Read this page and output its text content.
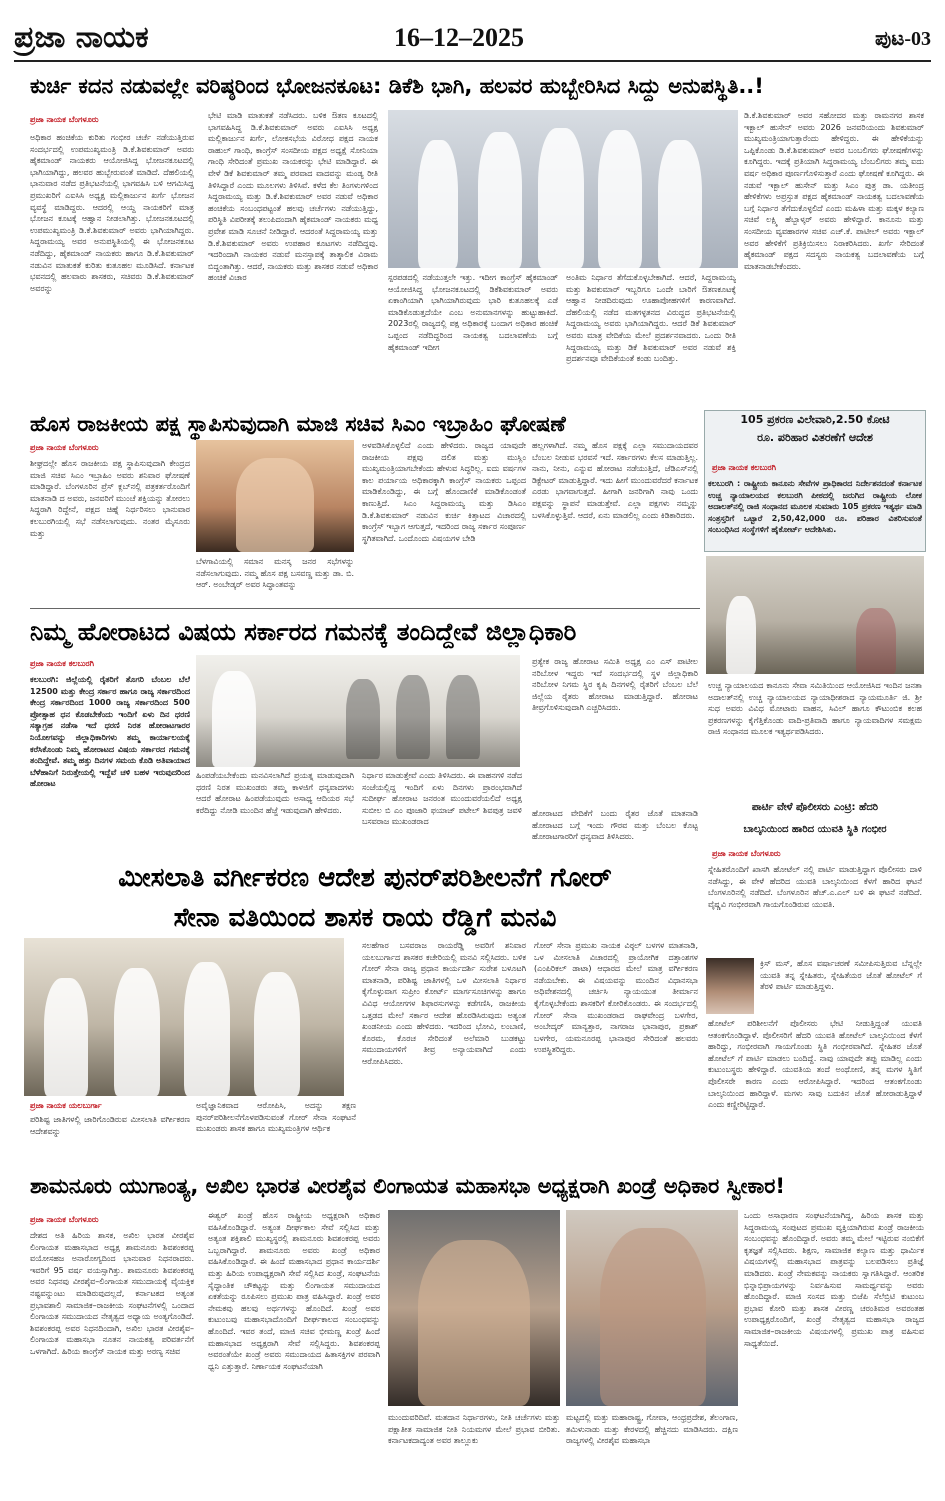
ಪ್ರಜಾ ನಾಯಕ	16–12–2025	ಪುಟ-03
ಕುರ್ಚಿ ಕದನ ನಡುವಲ್ಲೇ ವರಿಷ್ಠರಿಂದ ಭೋಜನಕೂಟ: ಡಿಕೆಶಿ ಭಾಗಿ, ಹಲವರ ಹುಬ್ಬೇರಿಸಿದ ಸಿದ್ದು ಅನುಪಸ್ಥಿತಿ..!
ಪ್ರಜಾ ನಾಯಕ ಬೆಂಗಳೂರು
ಅಧಿಕಾರ ಹಂಚಿಕೆಯ ಕುರಿತು ಗಂಭೀರ ಚರ್ಚೆ ನಡೆಯುತ್ತಿರುವ ಸಂದರ್ಭದಲ್ಲಿ ಉಪಮುಖ್ಯಮಂತ್ರಿ ಡಿ.ಕೆ.ಶಿವಕುಮಾರ್ ಅವರು ಹೈಕಮಾಂಡ್ ನಾಯಕರು ಆಯೋಜಿಸಿದ್ದ ಭೋಜನಕೂಟದಲ್ಲಿ ಭಾಗಿಯಾಗಿದ್ದು, ಹಲವರ ಹುಬ್ಬೇರುವಂತೆ ಮಾಡಿದೆ. ದೆಹಲಿಯಲ್ಲಿ ಭಾನುವಾರ ನಡೆದ ಪ್ರತಿಭಟನೆಯಲ್ಲಿ ಭಾಗವಹಿಸಿ ಬಳಿ ಆಗಮಿಸಿದ್ದ ಪ್ರಮುಖರಿಗೆ ಎಐಸಿಸಿ ಅಧ್ಯಕ್ಷ ಮಲ್ಲಿಕಾರ್ಜುನ ಖರ್ಗೆ ಭೋಜನ ವ್ಯವಸ್ಥೆ ಮಾಡಿದ್ದರು. ಆದರಲ್ಲಿ ಆಯ್ದ ನಾಯಕರಿಗೆ ಮಾತ್ರ ಭೋಜನ ಕೂಟಕ್ಕೆ ಆಹ್ವಾನ ನೀಡಲಾಗಿತ್ತು. ಭೋಜನಕೂಟದಲ್ಲಿ ಉಪಮುಖ್ಯಮಂತ್ರಿ ಡಿ.ಕೆ.ಶಿವಕುಮಾರ್ ಅವರು ಭಾಗಿಯಾಗಿದ್ದರು. ಸಿದ್ದರಾಮಯ್ಯ ಅವರ ಅನುಪಸ್ಥಿತಿಯಲ್ಲಿ ಈ ಭೋಜನಕೂಟ ನಡೆದಿದ್ದು, ಹೈಕಮಾಂಡ್ ನಾಯಕರು ಹಾಗೂ ಡಿ.ಕೆ.ಶಿವಕುಮಾರ್ ನಡುವಿನ ಮಾತುಕತೆ ಕುರಿತು ಕುತೂಹಲ ಮೂಡಿಸಿದೆ. ಕರ್ನಾಟಕ ಭವನದಲ್ಲಿ ಹಲವಾರು ಶಾಸಕರು, ಸಚಿವರು ಡಿ.ಕೆ.ಶಿವಕುಮಾರ್ ಅವರನ್ನು
ಭೇಟಿ ಮಾಡಿ ಮಾತುಕತೆ ನಡೆಸಿದರು. ಬಳಿಕ ಔತಣ ಕೂಟದಲ್ಲಿ ಭಾಗವಹಿಸಿದ್ದ ಡಿ.ಕೆ.ಶಿವಕುಮಾರ್ ಅವರು ಎಐಸಿಸಿ ಅಧ್ಯಕ್ಷ ಮಲ್ಲಿಕಾರ್ಜುನ ಖರ್ಗೆ, ಲೋಕಸಭೆಯ ವಿರೋಧ ಪಕ್ಷದ ನಾಯಕ ರಾಹುಲ್ ಗಾಂಧಿ, ಕಾಂಗ್ರೆಸ್ ಸಂಸದೀಯ ಪಕ್ಷದ ಅಧ್ಯಕ್ಷೆ ಸೋನಿಯಾ ಗಾಂಧಿ ಸೇರಿದಂತೆ ಪ್ರಮುಖ ನಾಯಕರನ್ನು ಭೇಟಿ ಮಾಡಿದ್ದಾರೆ. ಈ ವೇಳೆ ಡಿಕೆ ಶಿವಕುಮಾರ್ ತಮ್ಮ ಪರವಾದ ವಾದವನ್ನು ಮಂಡ್ಯ ರೀತಿ ತಿಳಿಸಿದ್ದಾರೆ ಎಂದು ಮೂಲಗಳು ತಿಳಿಸಿವೆ. ಕಳೆದ ಕೆಲ ತಿಂಗಳುಗಳಿಂದ ಸಿದ್ದರಾಮಯ್ಯ ಮತ್ತು ಡಿ.ಕೆ.ಶಿವಕುಮಾರ್ ಅವರ ನಡುವೆ ಅಧಿಕಾರ ಹಂಚಿಕೆಯ ಸಂಬಂಧಪಟ್ಟಂತೆ ಹಲವು ಚರ್ಚೆಗಳು ನಡೆಯುತ್ತಿದ್ದು, ಪರಿಸ್ಥಿತಿ ವಿಪರೀತಕ್ಕೆ ತಲುಪಿದಂದಾಗಿ ಹೈಕಮಾಂಡ್ ನಾಯಕರು ಮಧ್ಯ ಪ್ರವೇಶ ಮಾಡಿ ಸೂಚನೆ ನೀಡಿದ್ದಾರೆ. ಆದರಂತೆ ಸಿದ್ದರಾಮಯ್ಯ ಮತ್ತು ಡಿ.ಕೆ.ಶಿವಕುಮಾರ್ ಅವರು ಉಪಹಾರ ಕೂಟಗಳು ನಡೆದಿದ್ದವು. ಇದರಿಂದಾಗಿ ನಾಯಕರ ನಡುವೆ ಮನಸ್ತಾಪಕ್ಕೆ ತಾತ್ಕಾಲಿಕ ವಿರಾಮ ಬಿದ್ದಂತಾಗಿತ್ತು. ಆದರೆ, ನಾಯಕರು ಮತ್ತು ಶಾಸಕರ ನಡುವೆ ಅಧಿಕಾರ ಹಂಚಿಕೆ ವಿಚಾರ	ಸ್ಪರಪಡದಲ್ಲಿ ನಡೆಯುತ್ತಲೇ ಇತ್ತು. ಇದೀಗ ಕಾಂಗ್ರೆಸ್ ಹೈಕಮಾಂಡ್ ಆಯೋಜಿಸಿದ್ದ ಭೋಜನಕೂಟದಲ್ಲಿ ಡಿಕೆಶಿವಕುಮಾರ್ ಅವರು ಏಕಾಂಗಿಯಾಗಿ ಭಾಗಿಯಾಗಿರುವುದು ಭಾರಿ ಕುತೂಹಲಕ್ಕೆ ಎಡೆ ಮಾಡಿಕೊಡುತ್ತದೆಯೇ ಎಂಬ ಅನುಮಾನಗಳನ್ನು ಹುಟ್ಟುಹಾಕಿದೆ. 2023ರಲ್ಲಿ ರಾಜ್ಯದಲ್ಲಿ ಪಕ್ಷ ಅಧಿಕಾರಕ್ಕೆ ಬಂದಾಗ ಅಧಿಕಾರ ಹಂಚಿಕೆ ಒಪ್ಪಂದ ನಡೆದಿದ್ದರಿಂದ ನಾಯಕತ್ವ ಬದಲಾವಣೆಯ ಬಗ್ಗೆ ಹೈಕಮಾಂಡ್ ಇದೀಗ
ಅಂತಿಮ ನಿರ್ಧಾರ ತೆಗೆದುಕೊಳ್ಳಬೇಕಾಗಿದೆ. ಆದರೆ, ಸಿದ್ದರಾಮಯ್ಯ ಮತ್ತು ಶಿವಕುಮಾರ್ ಇಬ್ಬರಿಗೂ ಒಂದೇ ಬಾರಿಗೆ ಔತಣಕೂಟಕ್ಕೆ ಆಹ್ವಾನ ನೀಡದಿರುವುದು ಊಹಾಪೋಹಗಳಿಗೆ ಕಾರಣವಾಗಿದೆ. ದೆಹಲಿಯಲ್ಲಿ ನಡೆದ ಮತಗಳ್ಳತನದ ವಿರುದ್ಧದ ಪ್ರತಿಭಟನೆಯಲ್ಲಿ ಸಿದ್ದರಾಮಯ್ಯ ಅವರು ಭಾಗಿಯಾಗಿದ್ದರು. ಆದರೆ ಡಿಕೆ ಶಿವಕುಮಾರ್ ಅವರು ಮಾತ್ರ ವೇದಿಕೆಯ ಮೇಲೆ ಪ್ರದರ್ಶನವಾದರು. ಒಂದು ರೀತಿ ಸಿದ್ದರಾಮಯ್ಯ ಮತ್ತು ಡಿಕೆ ಶಿವಕುಮಾರ್ ಅವರ ನಡುವೆ ಶಕ್ತಿ ಪ್ರದರ್ಶನವೂ ವೇದಿಕೆಯಂತೆ ಕಂಡು ಬಂದಿತ್ತು.
ಡಿ.ಕೆ.ಶಿವಕುಮಾರ್ ಅವರ ಸಹೋದರ ಮತ್ತು ರಾಮನಗರ ಶಾಸಕ ಇಕ್ಬಾಲ್ ಹುಸೇನ್ ಅವರು 2026 ಜನವರಿಯಂದು ಶಿವಕುಮಾರ್ ಮುಖ್ಯಮಂತ್ರಿಯಾಗುತ್ತಾರೆಂದು ಹೇಳಿದ್ದರು. ಈ ಹೇಳಿಕೆಯನ್ನು ಒಪ್ಪಿಕೊಂಡು ಡಿ.ಕೆ.ಶಿವಕುಮಾರ್ ಅವರ ಬಂಬಲಿಗರು ಘೋಷಣೆಗಳನ್ನು ಕೂಗಿದ್ದರು. ಇದಕ್ಕೆ ಪ್ರತಿಯಾಗಿ ಸಿದ್ದರಾಮಯ್ಯ ಬೆಂಬಲಿಗರು ತಮ್ಮ ಐದು ವರ್ಷ ಅಧಿಕಾರ ಪೂರ್ಣಗೊಳಿಸುತ್ತಾರೆ ಎಂದು ಘೋಷಣೆ ಕೂಗಿದ್ದರು. ಈ ನಡುವೆ ಇಕ್ಬಾಲ್ ಹುಸೇನ್ ಮತ್ತು ಸಿಎಂ ಪುತ್ರ ಡಾ. ಯತೀಂದ್ರ ಹೇಳಿಕೆಗಳು ಅಪ್ರಸ್ತುತ ಪಕ್ಷದ ಹೈಕಮಾಂಡ್ ನಾಯಕತ್ವ ಬದಲಾವಣೆಯ ಬಗ್ಗೆ ನಿರ್ಧಾರ ತೆಗೆದುಕೊಳ್ಳಲಿದೆ ಎಂದು ಮಹಿಳಾ ಮತ್ತು ಮಕ್ಕಳ ಕಲ್ಯಾಣ ಸಚಿವೆ ಲಕ್ಷ್ಮಿ ಹೆಬ್ಬಾಳ್ಕರ್ ಅವರು ಹೇಳಿದ್ದಾರೆ. ಕಾನೂನು ಮತ್ತು ಸಂಸದೀಯ ವ್ಯವಹಾರಗಳ ಸಚಿವ ಎಚ್.ಕೆ. ಪಾಟೀಲ್ ಅವರು ಇಕ್ಬಾಲ್ ಅವರ ಹೇಳಿಕೆಗೆ ಪ್ರತಿಕ್ರಿಯಿಸಲು ನಿರಾಕರಿಸಿದರು. ಖರ್ಗೆ ಸೇರಿದಂತೆ ಹೈಕಮಾಂಡ್ ಪಕ್ಷದ ಸದಸ್ಯರು ನಾಯಕತ್ವ ಬದಲಾವಣೆಯ ಬಗ್ಗೆ ಮಾತನಾಡಬೇಕೆಂದರು.
ಹೊಸ ರಾಜಕೀಯ ಪಕ್ಷ ಸ್ಥಾಪಿಸುವುದಾಗಿ ಮಾಜಿ ಸಚಿವ ಸಿಎಂ ಇಬ್ರಾಹಿಂ ಘೋಷಣೆ
ಪ್ರಜಾ ನಾಯಕ ಬೆಂಗಳೂರು
ಶೀಘ್ರದಲ್ಲೇ ಹೊಸ ರಾಜಕೀಯ ಪಕ್ಷ ಸ್ಥಾಪಿಸುವುದಾಗಿ ಕೇಂದ್ರದ ಮಾಜಿ ಸಚಿವ ಸಿಎಂ ಇಬ್ರಾಹಿಂ ಅವರು ಶನಿವಾರ ಘೋಷಣೆ ಮಾಡಿದ್ದಾರೆ. ಬೆಂಗಳೂರಿನ ಪ್ರೆಸ್ ಕ್ಲಬ್‌ನಲ್ಲಿ ಪತ್ರಕರ್ತರೊಂದಿಗೆ ಮಾತನಾಡಿ ದ ಅವರು, ಜನವರಿಗೆ ಮುಂಚೆ ಶಕ್ತಿಯನ್ನು ತೋರಲು ಸಿದ್ಧರಾಗಿ ರಿದ್ದೇನೆ, ಪಕ್ಷದ ಚಿಹ್ನೆ ನಿರ್ಧರಿಸಲು ಭಾನುವಾರ ಕಲಬುರಗಿಯಲ್ಲಿ ಸಭೆ ನಡೆಸಲಾಗುವುದು. ನಂತರ ಮೈಸೂರು ಮತ್ತು
ಬೆಳಗಾವಿಯಲ್ಲಿ ಸಮಾನ ಮನಸ್ಕ ಜನರ ಸಭೆಗಳನ್ನು ನಡೆಸಲಾಗುವುದು. ನಮ್ಮ ಹೊಸ ಪಕ್ಷ ಬಸವಣ್ಣ ಮತ್ತು ಡಾ. ಬಿ. ಆರ್. ಅಂಬೇಡ್ಕರ್ ಅವರ ಸಿದ್ಧಾಂತವನ್ನು
ಅಳವಡಿಸಿಕೊಳ್ಳಲಿದೆ ಎಂದು ಹೇಳಿದರು. ರಾಜ್ಯದ ಯಾವುದೇ ರಾಜಕೀಯ ಪಕ್ಷವು ದಲಿತ ಮತ್ತು ಮುಸ್ಲಿಂ ಮುಖ್ಯಮಂತ್ರಿಯಾಗಬೇಕೆಂದು ಹೇಳುವ ಸಿದ್ಧರಿಲ್ಲ. ಐದು ವರ್ಷಗಳ ಕಾಲ ಪರ್ಯಾಯ ಅಧಿಕಾರಕ್ಕಾಗಿ ಕಾಂಗ್ರೆಸ್ ನಾಯಕರು ಒಪ್ಪಂದ ಮಾಡಿಕೊಂಡಿದ್ದು, ಈ ಬಗ್ಗೆ ಹೊಂದಾಣಿಕೆ ಮಾಡಿಕೊಂಡಂತೆ ಕಾಣುತ್ತಿದೆ. ಸಿಎಂ ಸಿದ್ದರಾಮಯ್ಯ ಮತ್ತು ಡಿಸಿಎಂ ಡಿ.ಕೆ.ಶಿವಕುಮಾರ್ ನಡುವಿನ ಕುರ್ಚಿ ಕಿತ್ತಾಟದ ವಿಚಾರದಲ್ಲಿ ಕಾಂಗ್ರೆಸ್ ಇಬ್ಬಾಗ ಆಗುತ್ತದೆ, ಇದರಿಂದ ರಾಜ್ಯ ಸರ್ಕಾರ ಸಂಪೂರ್ಣ ಸ್ಥಗಿತವಾಗಿದೆ. ಒಂದೊಂದು ವಿಷಯಗಳ ಬೇಡಿ
ಹಲ್ಲಗಳಾಗಿದೆ. ನಮ್ಮ ಹೊಸ ಪಕ್ಷಕ್ಕೆ ಎಲ್ಲಾ ಸಮುದಾಯದವರ ಬೆಂಬಲ ನೀಡುವ ಭರವಸೆ ಇದೆ. ಸರ್ಕಾರಗಳು ಕೆಲಸ ಮಾಡುತ್ತಿಲ್ಲ. ನಾನು, ನೀನು, ಎನ್ನುವ ಹೋರಾಟ ನಡೆಯುತ್ತಿದೆ, ಜೆಡಿಎಸ್‌ನಲ್ಲಿ ಡಿಕ್ಟೇಟರ್ ಮಾಡುತ್ತಿದ್ದಾರೆ. ಇದು ಹೀಗೆ ಮುಂದುವರೆದರೆ ಕರ್ನಾಟಕ ಎರಡು ಭಾಗವಾಗುತ್ತದೆ. ಹೀಗಾಗಿ ಜನರಿಗಾಗಿ ನಾವು ಒಂದು ಪಕ್ಷವನ್ನು ಸ್ಥಾಪನೆ ಮಾಡುತ್ತೇವೆ. ಎಲ್ಲಾ ಪಕ್ಷಗಳು ನಮ್ಮನ್ನು ಬಳಸಿಕೊಳ್ಳುತ್ತಿವೆ. ಆದರೆ, ಏನು ಮಾಡಲಿಲ್ಲ ಎಂದು ಕಿಡಿಕಾರಿದರು.
ನಿಮ್ಮ ಹೋರಾಟದ ವಿಷಯ ಸರ್ಕಾರದ ಗಮನಕ್ಕೆ ತಂದಿದ್ದೇವೆ ಜಿಲ್ಲಾಧಿಕಾರಿ
ಪ್ರಜಾ ನಾಯಕ ಕಲಬುರಗಿ
ಕಲಬುರಗಿ: ಜಿಲ್ಲೆಯಲ್ಲಿ ರೈತರಿಗೆ ತೊಗರಿ ಬೆಂಬಲ ಬೆಲೆ 12500 ಮತ್ತು ಕೇಂದ್ರ ಸರ್ಕಾರ ಹಾಗೂ ರಾಜ್ಯ ಸರ್ಕಾರದಿಂದ ಕೇಂದ್ರ ಸರ್ಕಾರದಿಂದ 1000 ರಾಜ್ಯ ಸರ್ಕಾರದಿಂದ 500 ಪ್ರೋತ್ಸಾಹ ಧನ ಕೊಡಬೇಕೆಂದು ಇಂದಿಗೆ ಏಳು ದಿನ ಧರಣಿ ಸತ್ಯಾಗ್ರಹ ನಡೆಸಾ ಇದೆ ಧರಣಿ ನಿರತ ಹೋರಾಟಗಾರರ ನಿಯೋಗವನ್ನು ಜಿಲ್ಲಾಧಿಕಾರಿಗಳು ತಮ್ಮ ಕಾರ್ಯಾಲಯಕ್ಕೆ ಕರೆಸಿಕೊಂಡು ನಿಮ್ಮ ಹೋರಾಟದ ವಿಷಯ ಸರ್ಕಾರದ ಗಮನಕ್ಕೆ ತಂದಿದ್ದೇವೆ. ತಮ್ಮ ಹತ್ತು ದಿನಗಳ ಸಮಯ ಕೊಡಿ ಅತಿವಾಯಾದ ಬೆಳೆಹಾನಿಗೆ ನಿರುತ್ತೇಯಲ್ಲಿ ಇದ್ದೆವೆ ಚಳಿ ಬಹಳ ಇರುವುದರಿಂದ ಹೋರಾಟ
ಹಿಂಪಡೆಯಬೇಕೆಂದು ಮನವಿಸಲಾಗಿದೆ ಪ್ರಯತ್ನ ಮಾಡುವುದಾಗಿ ಧರಣಿ ನಿರತ ಮುಖಂಡರು ತಮ್ಮ ಕಾಳಜಿಗೆ ಧನ್ಯವಾದಗಳು ಆದರೆ ಹೋರಾಟ ಹಿಂಪಡೆಯುವುದು ಅಸಾಧ್ಯ ಆದಿಯರ ಸಭೆ ಕರೆದಿದ್ದು ನೋಡಿ ಮುಂದಿನ ಹೆಜ್ಜೆ ಇಡುವುದಾಗಿ ಹೇಳಿದರು.
ನಿರ್ಧಾರ ಮಾಡುತ್ತೇವೆ ಎಂದು ತಿಳಿಸಿದರು. ಈ ವಾಹನಗಳಿ ನಡೆದ ಸಂಜೆಯಲ್ಲಿದ್ದ ಇಂದಿಗೆ ಏಳು ದಿನಗಳು ಪ್ರಾರಂಭವಾಗಿದೆ ಸುದೀರ್ಘ ಹೋರಾಟ ಜನರಂತ ಮುಂದುವರೆಯಲಿದೆ ಅಧ್ಯಕ್ಷ ಸುಬೀಲ ಬಿ ಎಂ ಪೂಜಾರಿ ಫಯಾಜ್ ಪಟೇಲ್ ಶಿವಪುತ್ರ ಜವಳಿ ಬಸವರಾಜ ಮುಖಂಡರಾದ
ಪ್ರತ್ಯೇಕ ರಾಜ್ಯ ಹೋರಾಟ ಸಮಿತಿ ಅಧ್ಯಕ್ಷ ಎಂ ಎಸ್ ಪಾಟೀಲ ನರಿಬೋಳ ಇದ್ದರು ಇದೆ ಸಂದರ್ಭದಲ್ಲಿ ಸ್ಥಳ ಜಿಲ್ಲಾಧಿಕಾರಿ ನರಿಬೋಳ ನಿಗಮ ಸ್ಥಿರ ಕೃಷಿ ದಿನಗಳಲ್ಲಿ ರೈತರಿಗೆ ಬೆಂಬಲ ಬೆಲೆ ಜಿಲ್ಲೆಯ ರೈತರು ಹೋರಾಟ ಮಾಡುತ್ತಿದ್ದಾರೆ. ಹೋರಾಟ ತೀವ್ರಗೊಳಿಸುವುದಾಗಿ ಎಚ್ಚರಿಸಿದರು.
ಹೋರಾಟದ ವೇದಿಕೆಗೆ ಬಂದು ರೈತರ ಜೊತೆ ಮಾತನಾಡಿ ಹೋರಾಟದ ಬಗ್ಗೆ ಇಂದು ಗೌರವ ಮತ್ತು ಬೆಂಬಲ ಕೊಟ್ಟ ಹೋರಾಟಗಾರರಿಗೆ ಧನ್ಯವಾದ ತಿಳಿಸಿದರು.
ಮೀಸಲಾತಿ ವರ್ಗೀಕರಣ ಆದೇಶ ಪುನರ್‌ಪರಿಶೀಲನೆಗೆ ಗೋರ್
ಸೇನಾ ವತಿಯಿಂದ ಶಾಸಕ ರಾಯ ರೆಡ್ಡಿಗೆ ಮನವಿ
ಪ್ರಜಾ ನಾಯಕ ಯಲಬುರ್ಗಾ
ಪರಿಶಿಷ್ಟ ಜಾತಿಗಳಲ್ಲಿ ಜಾರಿಗೊಂಡಿರುವ ಮೀಸಲಾತಿ ವರ್ಗೀಕರಣ ಆದೇಶವನ್ನು
ಅವೈಜ್ಞಾನಿಕವಾದ ಆರೋಪಿಸಿ, ಅದನ್ನು ತಕ್ಷಣ ಪುನರ್‌ಪರಿಶೀಲನೆಗೊಳಪಡಿಸುವಂತೆ ಗೋರ್ ಸೇನಾ ಸಂಘಟನೆ ಮುಖಂಡರು ಶಾಸಕ ಹಾಗೂ ಮುಖ್ಯಮಂತ್ರಿಗಳ ಆರ್ಥಿಕ
ಸಲಹೆಗಾರ ಬಸವರಾಜ ರಾಯರೆಡ್ಡಿ ಅವರಿಗೆ ಶನಿವಾರ ಯಲಬುರ್ಗಾದ ಶಾಸಕರ ಕಚೇರಿಯಲ್ಲಿ ಮನವಿ ಸಲ್ಲಿಸಿದರು. ಬಳಿಕ ಗೋರ್ ಸೇನಾ ರಾಜ್ಯ ಪ್ರಧಾನ ಕಾರ್ಯದರ್ಶಿ ಸುರೇಶ ಬಳೂಟಗಿ ಮಾತನಾಡಿ, ಪರಿಶಿಷ್ಟ ಜಾತಿಗಳಲ್ಲಿ ಒಳ ಮೀಸಲಾತಿ ನಿರ್ಧಾರ ಕೈಗೊಳ್ಳುವಾಗ ಸುಪ್ರೀಂ ಕೋರ್ಟ್ ಮಾರ್ಗಸೂಚಿಗಳನ್ನು ಹಾಗೂ ವಿವಿಧ ಆಯೋಗಗಳ ಶಿಫಾರಸುಗಳನ್ನು ಕಡೆಗಣಿಸಿ, ರಾಜಕೀಯ ಒತ್ತಡದ ಮೇಲೆ ಸರ್ಕಾರ ಆದೇಶ ಹೊರಡಿಸಿರುವುದು ಅತ್ಯಂತ ಖಂಡನೀಯ ಎಂದು ಹೇಳಿದರು. ಇದರಿಂದ ಭೋವಿ, ಲಂಬಾಣಿ, ಕೊರಮ, ಕೊರಚ ಸೇರಿದಂತೆ ಅಲೆಮಾರಿ ಬುಡಕಟ್ಟು ಸಮುದಾಯಗಳಿಗೆ ತೀವ್ರ ಅನ್ಯಾಯವಾಗಿದೆ ಎಂದು ಆರೋಪಿಸಿದರು.
ಗೋರ್ ಸೇನಾ ಪ್ರಮುಖ ನಾಯಕ ವಿಠ್ಠಲ್ ಬಳಗಳ ಮಾತನಾಡಿ, ಒಳ ಮೀಸಲಾತಿ ವಿಚಾರದಲ್ಲಿ ಪ್ರಾಯೋಗಿಕ ದತ್ತಾಂಶಗಳ (ಎಂಪಿರಿಕಲ್ ಡಾಟಾ) ಆಧಾರದ ಮೇಲೆ ಮಾತ್ರ ವರ್ಗೀಕರಣ ನಡೆಯಬೇಕು. ಈ ವಿಷಯವನ್ನು ಮುಂದಿನ ವಿಧಾನಸಭಾ ಅಧಿವೇಶನದಲ್ಲಿ ಚರ್ಚಿಸಿ ನ್ಯಾಯಯುತ ತೀರ್ಮಾನ ಕೈಗೊಳ್ಳಬೇಕೆಂದು ಶಾಸಕರಿಗೆ ಕೋರಿಕೊಂಡರು. ಈ ಸಂದರ್ಭದಲ್ಲಿ ಗೋರ್ ಸೇನಾ ಮುಖಂಡರಾದ ರಾಘವೇಂದ್ರ ಬಳಗೇರ, ಅಂಬೇದ್ಕರ್ ಮಾನ್ಯತ್ತಾರ, ನಾಗರಾಜ ಭಾನಾಪುರ, ಪ್ರಕಾಶ್ ಬಳಗೇರ, ಯಮನೂರಪ್ಪ ಭಾನಾಪುರ ಸೇರಿದಂತೆ ಹಲವರು ಉಪಸ್ಥಿತರಿದ್ದರು.
ಶಾಮನೂರು ಯುಗಾಂತ್ಯ, ಅಖಿಲ ಭಾರತ ವೀರಶೈವ ಲಿಂಗಾಯತ ಮಹಾಸಭಾ ಅಧ್ಯಕ್ಷರಾಗಿ ಖಂಡ್ರೆ ಅಧಿಕಾರ ಸ್ವೀಕಾರ!
ಪ್ರಜಾ ನಾಯಕ ಬೆಂಗಳೂರು
ದೇಶದ ಅತಿ ಹಿರಿಯ ಶಾಸಕ, ಅಖಿಲ ಭಾರತ ವೀರಶೈವ ಲಿಂಗಾಯತ ಮಹಾಸಭಾದ ಅಧ್ಯಕ್ಷ ಶಾಮನೂರು ಶಿವಶಂಕರಪ್ಪ ವಯೋಸಹಜ ಅನಾರೋಗ್ಯದಿಂದ ಭಾನುವಾರ ನಿಧನರಾದರು. ಇವರಿಗೆ 95 ವರ್ಷ ವಯಸ್ಸಾಗಿತ್ತು. ಶಾಮನೂರು ಶಿವಶಂಕರಪ್ಪ ಅವರ ನಿಧನವು ವೀರಶೈವ–ಲಿಂಗಾಯತ ಸಮುದಾಯಕ್ಕೆ ವೈಯಕ್ತಿಕ ನಷ್ಟವನ್ನುಂಟು ಮಾಡಿರುವುದಲ್ಲದೆ, ಕರ್ನಾಟಕದ ಅತ್ಯಂತ ಪ್ರಭಾವಶಾಲಿ ಸಾಮಾಜಿಕ–ರಾಜಕೀಯ ಸಂಘಟನೆಗಳಲ್ಲಿ ಒಂದಾದ ಲಿಂಗಾಯತ ಸಮುದಾಯದ ನೇತೃತ್ವದ ಅಧ್ಯಾಯ ಅಂತ್ಯಗೊಂಡಿದೆ. ಶಿವಶಂಕರಪ್ಪ ಅವರ ನಿಧನದಿಂದಾಗಿ, ಅಖಿಲ ಭಾರತ ವೀರಶೈವ–ಲಿಂಗಾಯತ ಮಹಾಸಭಾ ನೂತನ ನಾಯಕತ್ವ ಪರಿವರ್ತನೆಗೆ ಒಳಗಾಗಿದೆ. ಹಿರಿಯ ಕಾಂಗ್ರೆಸ್ ನಾಯಕ ಮತ್ತು ಅರಣ್ಯ ಸಚಿವ
ಈಶ್ವರ್ ಖಂಡ್ರೆ ಹೊಸ ರಾಷ್ಟ್ರೀಯ ಅಧ್ಯಕ್ಷರಾಗಿ ಅಧಿಕಾರ ವಹಿಸಿಕೊಂಡಿದ್ದಾರೆ. ಅತ್ಯಂತ ದೀರ್ಘಕಾಲ ಸೇವೆ ಸಲ್ಲಿಸಿದ ಮತ್ತು ಅತ್ಯಂತ ಶಕ್ತಿಶಾಲಿ ಮುಖ್ಯಸ್ಥರಲ್ಲಿ ಶಾಮನೂರು ಶಿವಶಂಕರಪ್ಪ ಅವರು ಒಬ್ಬರಾಗಿದ್ದಾರೆ. ಶಾಮನೂರು ಅವರು ಖಂಡ್ರೆ ಅಧಿಕಾರ ವಹಿಸಿಕೊಂಡಿದ್ದಾರೆ. ಈ ಹಿಂದೆ ಮಹಾಸಭಾದ ಪ್ರಧಾನ ಕಾರ್ಯದರ್ಶಿ ಮತ್ತು ಹಿರಿಯ ಉಪಾಧ್ಯಕ್ಷರಾಗಿ ಸೇವೆ ಸಲ್ಲಿಸಿದ ಖಂಡ್ರೆ, ಸಂಘಟನೆಯ ಸೈದ್ಧಾಂತಿಕ ಚೌಕಟ್ಟನ್ನು ಮತ್ತು ಲಿಂಗಾಯತ ಸಮುದಾಯದ ಏಕತೆಯನ್ನು ರೂಪಿಸಲು ಪ್ರಮುಖ ಪಾತ್ರ ವಹಿಸಿದ್ದಾರೆ. ಖಂಡ್ರೆ ಅವರ ನೇಮಕವು ಹಲವು ಅರ್ಥಗಳನ್ನು ಹೊಂದಿದೆ. ಖಂಡ್ರೆ ಅವರ ಕುಟುಂಬವು ಮಹಾಸಭಾದೊಂದಿಗೆ ದೀರ್ಘಕಾಲದ ಸಂಬಂಧವನ್ನು ಹೊಂದಿದೆ. ಇವರ ತಂದೆ, ಮಾಜಿ ಸಚಿವ ಭೀಮಣ್ಣ ಖಂಡ್ರೆ ಹಿಂದೆ ಮಹಾಸಭಾದ ಅಧ್ಯಕ್ಷರಾಗಿ ಸೇವೆ ಸಲ್ಲಿಸಿದ್ದರು. ಶಿವಶಂಕರಪ್ಪ ಅವರಂತೆಯೇ ಖಂಡ್ರೆ ಅವರು ಸಮುದಾಯದ ಹಿತಾಸಕ್ತಿಗಳ ಪರವಾಗಿ ಧ್ವನಿ ಎತ್ತುತ್ತಾರೆ. ನಿರ್ಣಾಯಕ ಸಂಘಟನೆಯಾಗಿ
ಮುಂದುವರಿದಿವೆ. ಮತದಾನ ನಿರ್ಧಾರಗಳು, ನೀತಿ ಚರ್ಚೆಗಳು ಮತ್ತು ಪಕ್ಷಾತೀತ ಸಾಮಾಜಿಕ ನೀತಿ ನಿಯಮಗಳ ಮೇಲೆ ಪ್ರಭಾವ ಬೀರಿತು. ಕರ್ನಾಟಕದಾದ್ಯಂತ ಅವರ ತಾಲ್ಲೂಕು
ಮಟ್ಟದಲ್ಲಿ ಮತ್ತು ಮಹಾರಾಷ್ಟ್ರ, ಗೋವಾ, ಆಂಧ್ರಪ್ರದೇಶ, ತೆಲಂಗಾಣ, ತಮಿಳುನಾಡು ಮತ್ತು ಕೇರಳದಲ್ಲಿ ಹೆಚ್ಚಿನದು ಮಾಡಿಸಿದರು. ದಕ್ಷಿಣ ರಾಜ್ಯಗಳಲ್ಲಿ ವೀರಶೈವ ಮಹಾಸಭಾ
ಒಂದು ಅಸಾಧಾರಣ ಸಂಘಟನೆಯಾಗಿದ್ದ, ಹಿರಿಯ ಶಾಸಕ ಮತ್ತು ಸಿದ್ದರಾಮಯ್ಯ ಸಂಪುಟದ ಪ್ರಮುಖ ವ್ಯಕ್ತಿಯಾಗಿರುವ ಖಂಡ್ರೆ ರಾಜಕೀಯ ಸಂಬಂಧವನ್ನು ಹೊಂದಿದ್ದಾರೆ. ಅವರು ತಮ್ಮ ಮೇಲೆ ಇಟ್ಟಿರುವ ನಂಬಿಕೆಗೆ ಕೃತಜ್ಞತೆ ಸಲ್ಲಿಸಿದರು. ಶಿಕ್ಷಣ, ಸಾಮಾಜಿಕ ಕಲ್ಯಾಣ ಮತ್ತು ಧಾರ್ಮಿಕ ವಿಷಯಗಳಲ್ಲಿ ಮಹಾಸಭಾದ ಪಾತ್ರವನ್ನು ಬಲಪಡಿಸಲು ಪ್ರತಿಜ್ಞೆ ಮಾಡಿದರು. ಖಂಡ್ರೆ ನೇಮಕವನ್ನು ನಾಯಕರು ಸ್ವಾಗತಿಸಿದ್ದಾರೆ. ಆಂತರಿಕ ಭಿನ್ನಾಭಿಪ್ರಾಯಗಳನ್ನು ನಿರ್ವಹಿಸುವ ಸಾಮರ್ಥ್ಯವನ್ನು ಅವರು ಹೊಂದಿದ್ದಾರೆ. ಮಾಜಿ ಸಂಸದ ಮತ್ತು ಬಿಜೆಪಿ ಸೆಲೆಬ್ರಿಟಿ ಕುಟುಂಬ ಪ್ರಭಾವ ಕೋರಿ ಮತ್ತು ಶಾಸಕ ವೀರಣ್ಣ ಚರಂತಿಮಠ ಅವರಂತಹ ಉಪಾಧ್ಯಕ್ಷರೊಂದಿಗೆ, ಖಂಡ್ರೆ ನೇತೃತ್ವದ ಮಹಾಸಭಾ ರಾಜ್ಯದ ಸಾಮಾಜಿಕ–ರಾಜಕೀಯ ವಿಷಯಗಳಲ್ಲಿ ಪ್ರಮುಖ ಪಾತ್ರ ವಹಿಸುವ ಸಾಧ್ಯತೆಯಿದೆ.
105 ಪ್ರಕರಣ ವಿಲೇವಾರಿ,2.50 ಕೋಟಿ
ರೂ. ಪರಿಹಾರ ವಿತರಣೆಗೆ ಆದೇಶ
ಪ್ರಜಾ ನಾಯಕ ಕಲಬುರಗಿ
ಕಲಬುರಗಿ : ರಾಷ್ಟ್ರೀಯ ಕಾನೂನು ಸೇವೆಗಳ ಪ್ರಾಧಿಕಾರದ ನಿರ್ದೇಶನದಂತೆ ಕರ್ನಾಟಕ ಉಚ್ಚ ನ್ಯಾಯಾಲಯದ ಕಲಬುರಗಿ ಪೀಠದಲ್ಲಿ ಜರುಗಿದ ರಾಷ್ಟ್ರೀಯ ಲೋಕ ಅದಾಲತ್‌ನಲ್ಲಿ ರಾಜಿ ಸಂಧಾನದ ಮೂಲಕ ಸುಮಾರು 105 ಪ್ರಕರಣ ಇತ್ಯರ್ಥ ಮಾಡಿ ಸಂತ್ರಸ್ತರಿಗೆ ಒಟ್ಟಾರೆ 2,50,42,000 ರೂ. ಪರಿಹಾರ ವಿತರಿಸುವಂತೆ ಸಂಬಂಧಿಸಿದ ಸಂಸ್ಥೆಗಳಿಗೆ ಹೈಕೋರ್ಟ್ ಆದೇಶಿಸಿತು.
ಉಚ್ಚ ನ್ಯಾಯಾಲಯದ ಕಾನೂನು ಸೇವಾ ಸಮಿತಿಯಿಂದ ಆಯೋಜಿಸಿದ ಇಂದಿನ ಜನತಾ ಅದಾಲತ್‌ನಲ್ಲಿ ಉಚ್ಚ ನ್ಯಾಯಾಲಯದ ನ್ಯಾಯಾಧೀಶರಾದ ನ್ಯಾಯಮೂರ್ತಿ ಜಿ. ಶ್ರೀ ಸುಧ ಅವರು ವಿವಿಧ ಮೋಟಾರು ವಾಹನ, ಸಿವಿಲ್ ಹಾಗೂ ಕೌಟುಂಬಿಕ ಕಲಹ ಪ್ರಕರಣಗಳನ್ನು ಕೈಗೆತ್ತಿಕೊಂಡು ವಾದಿ-ಪ್ರತಿವಾದಿ ಹಾಗೂ ನ್ಯಾಯವಾದಿಗಳ ಸಮಕ್ಷಮ ರಾಜಿ ಸಂಧಾನದ ಮೂಲಕ ಇತ್ಯರ್ಥಪಡಿಸಿದರು.
ಪಾರ್ಟಿ ವೇಳೆ ಪೊಲೀಸರು ಎಂಟ್ರಿ: ಹೆದರಿ
ಬಾಲ್ಕನಿಯಿಂದ ಹಾರಿದ ಯುವತಿ ಸ್ಥಿತಿ ಗಂಭೀರ
ಪ್ರಜಾ ನಾಯಕ ಬೆಂಗಳೂರು
ಸ್ನೇಹಿತರೊಂದಿಗೆ ಖಾಸಗಿ ಹೋಟೆಲ್ ನಲ್ಲಿ ಪಾರ್ಟಿ ಮಾಡುತ್ತಿದ್ದಾಗ ಪೊಲೀಸರು ದಾಳಿ ನಡೆಸಿದ್ದು, ಈ ವೇಳೆ ಹೆದರಿದ ಯುವತಿ ಬಾಲ್ಕನಿಯಿಂದ ಕೆಳಗೆ ಹಾರಿದ ಘಟನೆ ಬೆಂಗಳೂರಿನಲ್ಲಿ ನಡೆದಿದೆ. ಬೆಂಗಳೂರಿನ ಹೆಚ್.ಎ.ಎಲ್ ಬಳಿ ಈ ಘಟನೆ ನಡೆದಿದೆ. ವೈಷ್ಣವಿ ಗಂಭೀರವಾಗಿ ಗಾಯಗೊಂಡಿರುವ ಯುವತಿ.
ಕ್ರಿಸ್ ಮಸ್, ಹೊಸ ವರ್ಷಾಚರಣೆ ಸಮೀಪಿಸುತ್ತಿರುವ ಬೆನ್ನಲ್ಲೇ ಯುವತಿ ತನ್ನ ಸ್ನೇಹಿತರು, ಸ್ನೇಹಿತೆಯರ ಜೊತೆ ಹೋಟೆಲ್ ಗೆ ತೆರಳಿ ಪಾರ್ಟಿ ಮಾಡುತ್ತಿದ್ದಳು.
ಹೋಟೆಲ್ ಪರಿಶೀಲನೆಗೆ ಪೊಲೀಸರು ಭೇಟಿ ನೀಡುತ್ತಿದ್ದಂತೆ ಯುವತಿ ಆತಂಕಗೊಂಡಿದ್ದಾಳೆ. ಪೊಲೀಸರಿಗೆ ಹೆದರಿ ಯುವತಿ ಹೋಟೆಲ್ ಬಾಲ್ಕನಿಯಿಂದ ಕೆಳಗೆ ಹಾರಿದ್ದು, ಗಂಭೀರವಾಗಿ ಗಾಯಗೊಂಡು ಸ್ಥಿತಿ ಗಂಭೀರವಾಗಿದೆ. ಸ್ನೇಹಿತರ ಜೊತೆ ಹೋಟೆಲ್ ಗೆ ಪಾರ್ಟಿ ಮಾಡಲು ಬಂದಿದ್ದೆ. ನಾವು ಯಾವುದೇ ತಪ್ಪು ಮಾಡಿಲ್ಲ ಎಂದು ಕುಟುಂಬಸ್ಥರು ಹೇಳಿದ್ದಾರೆ. ಯುವತಿಯ ತಂದೆ ಅಂಥೋಣಿ, ತನ್ನ ಮಗಳ ಸ್ಥಿತಿಗೆ ಪೊಲೀಸರೇ ಕಾರಣ ಎಂದು ಆರೋಪಿಸಿದ್ದಾರೆ. ಇದರಿಂದ ಆತಂಕಗೊಂಡು ಬಾಲ್ಕನಿಯಿಂದ ಹಾರಿದ್ದಾಳೆ. ಮಗಳು ಸಾವು ಬದುಕಿನ ಜೊತೆ ಹೋರಾಡುತ್ತಿದ್ದಾಳೆ ಎಂದು ಕಣ್ಣೀರಿಟ್ಟಿದ್ದಾರೆ.
